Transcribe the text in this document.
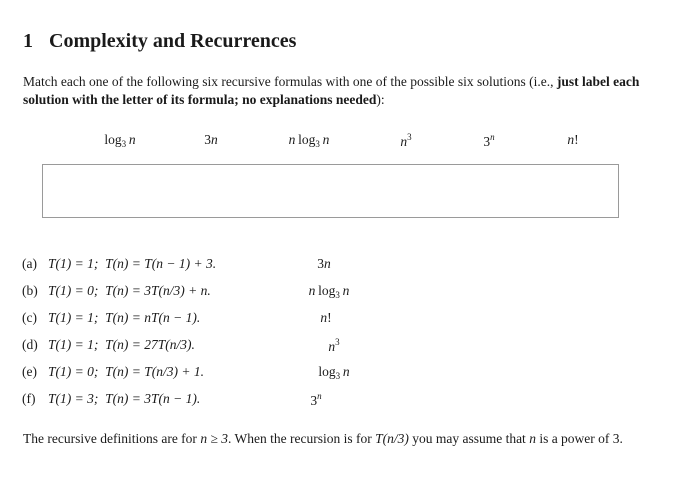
1 Complexity and Recurrences
Match each one of the following six recursive formulas with one of the possible six solutions (i.e., just label each solution with the letter of its formula; no explanations needed):
$\log_3 n$	3n	n  $\log_3 n$	$n^3$	3$^n$	n!
(a) T(1) = 1; T(n) = T(n − 1) + 3.	3n
(b) T(1) = 0; T(n) = 3T(n/3) + n.	n $\log_3 n$
(c) T(1) = 1; T(n) = nT(n − 1).	n!
(d) T(1) = 1; T(n) = 27T(n/3).	$n^3$
(e) T(1) = 0; T(n) = T(n/3) + 1.	$\log_3 n$
(f) T(1) = 3; T(n) = 3T(n − 1).	3$^n$
The recursive definitions are for n ≥ 3. When the recursion is for T(n/3) you may assume that n is a power of 3.
